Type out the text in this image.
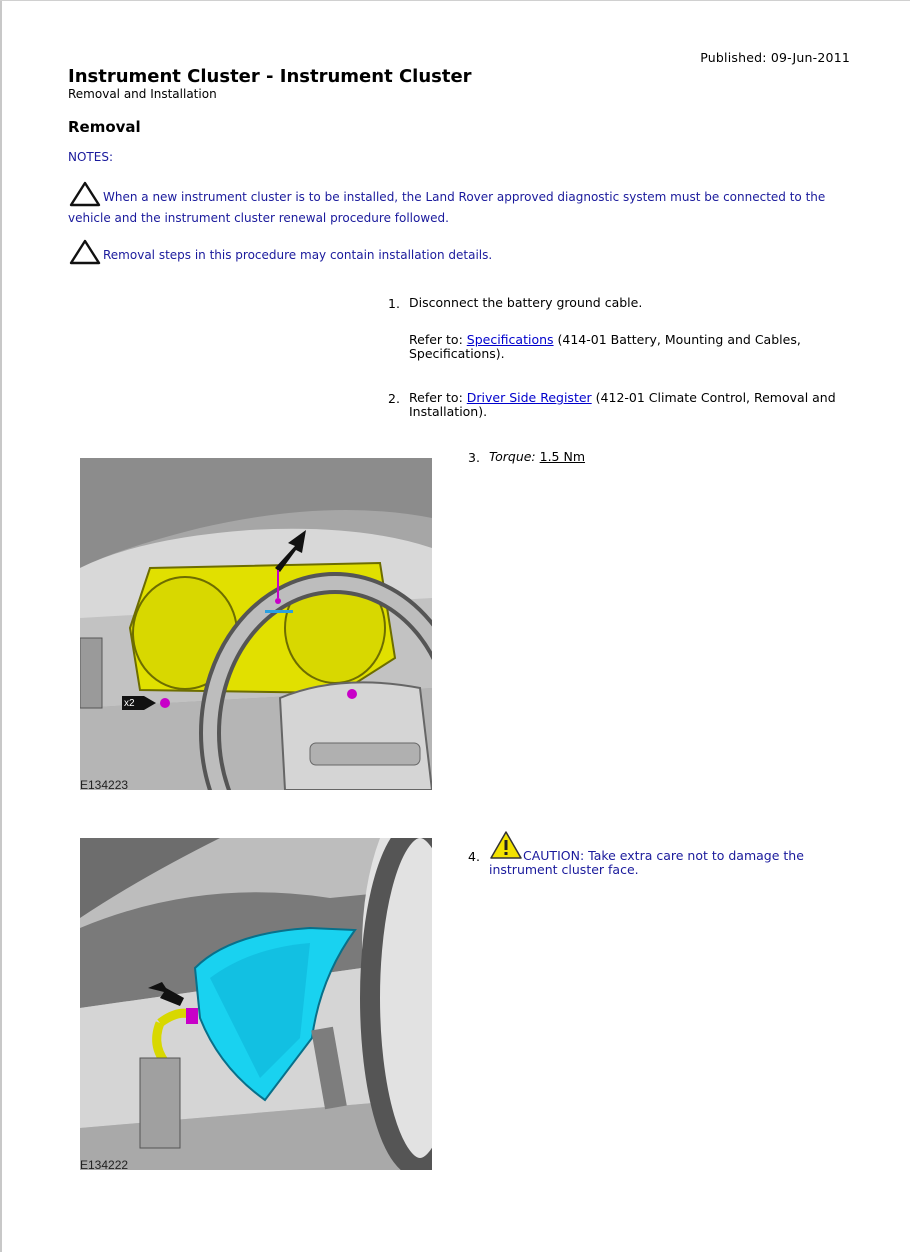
Published: 09-Jun-2011
Instrument Cluster - Instrument Cluster
Removal and Installation
Removal
NOTES:
When a new instrument cluster is to be installed, the Land Rover approved diagnostic system must be connected to the vehicle and the instrument cluster renewal procedure followed.
Removal steps in this procedure may contain installation details.
1. Disconnect the battery ground cable.
Refer to: Specifications (414-01 Battery, Mounting and Cables, Specifications).
2. Refer to: Driver Side Register (412-01 Climate Control, Removal and Installation).
3. Torque: 1.5 Nm
x2
E134223
4.	CAUTION: Take extra care not to damage the instrument cluster face.
E134222
